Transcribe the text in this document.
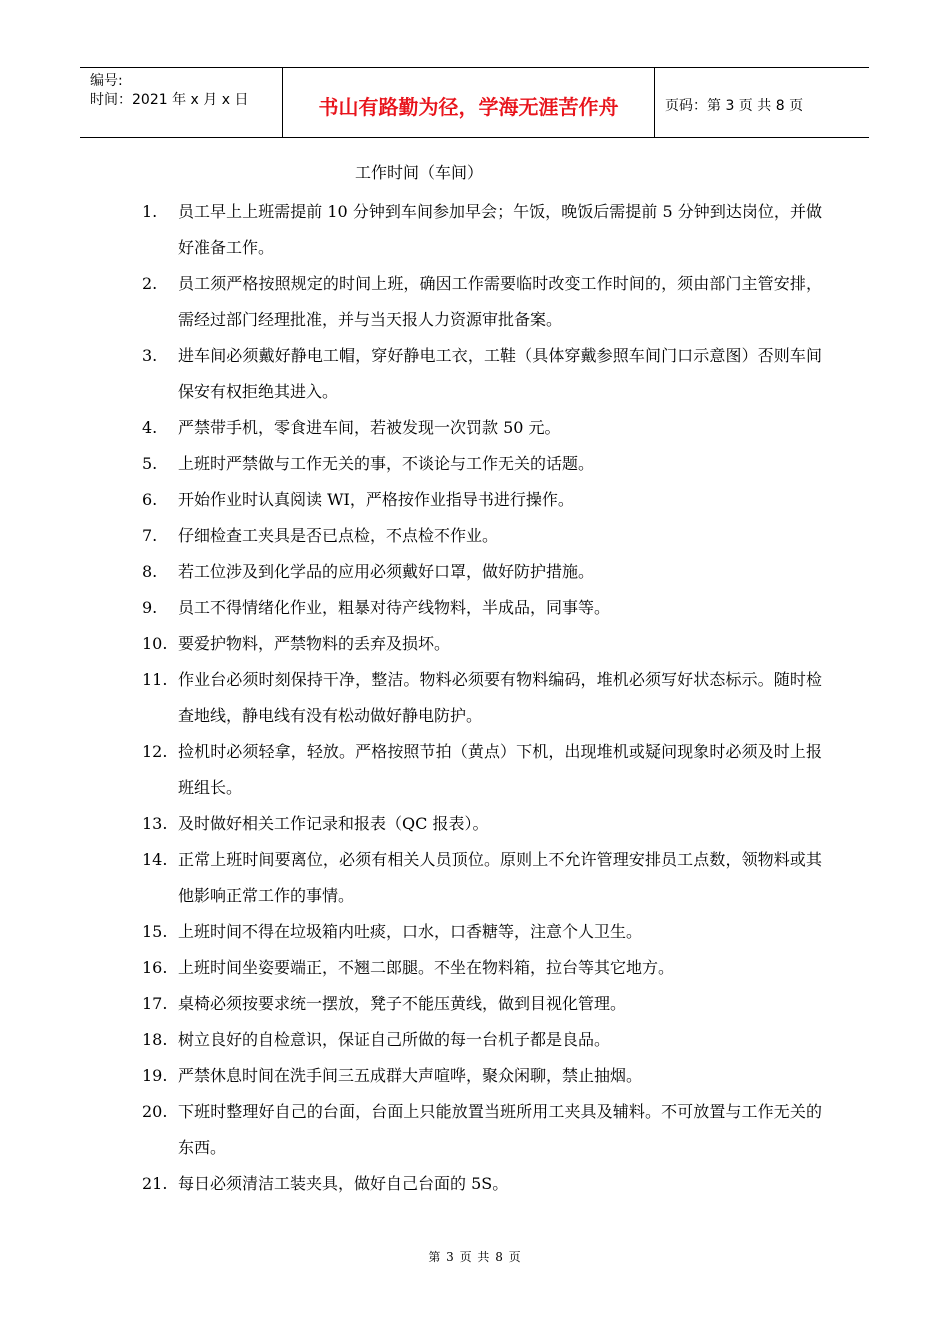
编号:
时间：2021 年 x 月 x 日	书山有路勤为径，学海无涯苦作舟	页码：第 3 页 共 8 页
工作时间（车间）
1.	员工早上上班需提前 10 分钟到车间参加早会；午饭，晚饭后需提前 5 分钟到达岗位，并做好准备工作。
2.	员工须严格按照规定的时间上班，确因工作需要临时改变工作时间的，须由部门主管安排，需经过部门经理批准，并与当天报人力资源审批备案。
3.	进车间必须戴好静电工帽，穿好静电工衣，工鞋（具体穿戴参照车间门口示意图）否则车间保安有权拒绝其进入。
4.	严禁带手机，零食进车间，若被发现一次罚款 50 元。
5.	上班时严禁做与工作无关的事，不谈论与工作无关的话题。
6.	开始作业时认真阅读 WI，严格按作业指导书进行操作。
7.	仔细检查工夹具是否已点检，不点检不作业。
8.	若工位涉及到化学品的应用必须戴好口罩，做好防护措施。
9.	员工不得情绪化作业，粗暴对待产线物料，半成品，同事等。
10. 要爱护物料，严禁物料的丢弃及损坏。
11. 作业台必须时刻保持干净，整洁。物料必须要有物料编码，堆机必须写好状态标示。随时检查地线，静电线有没有松动做好静电防护。
12. 捡机时必须轻拿，轻放。严格按照节拍（黄点）下机，出现堆机或疑问现象时必须及时上报班组长。
13. 及时做好相关工作记录和报表（QC 报表）。
14. 正常上班时间要离位，必须有相关人员顶位。原则上不允许管理安排员工点数，领物料或其他影响正常工作的事情。
15. 上班时间不得在垃圾箱内吐痰，口水，口香糖等，注意个人卫生。
16. 上班时间坐姿要端正，不翘二郎腿。不坐在物料箱，拉台等其它地方。
17. 桌椅必须按要求统一摆放，凳子不能压黄线，做到目视化管理。
18. 树立良好的自检意识，保证自己所做的每一台机子都是良品。
19. 严禁休息时间在洗手间三五成群大声喧哗，聚众闲聊，禁止抽烟。
20. 下班时整理好自己的台面，台面上只能放置当班所用工夹具及辅料。不可放置与工作无关的东西。
21. 每日必须清洁工装夹具，做好自己台面的 5S。
第 3 页 共 8 页
